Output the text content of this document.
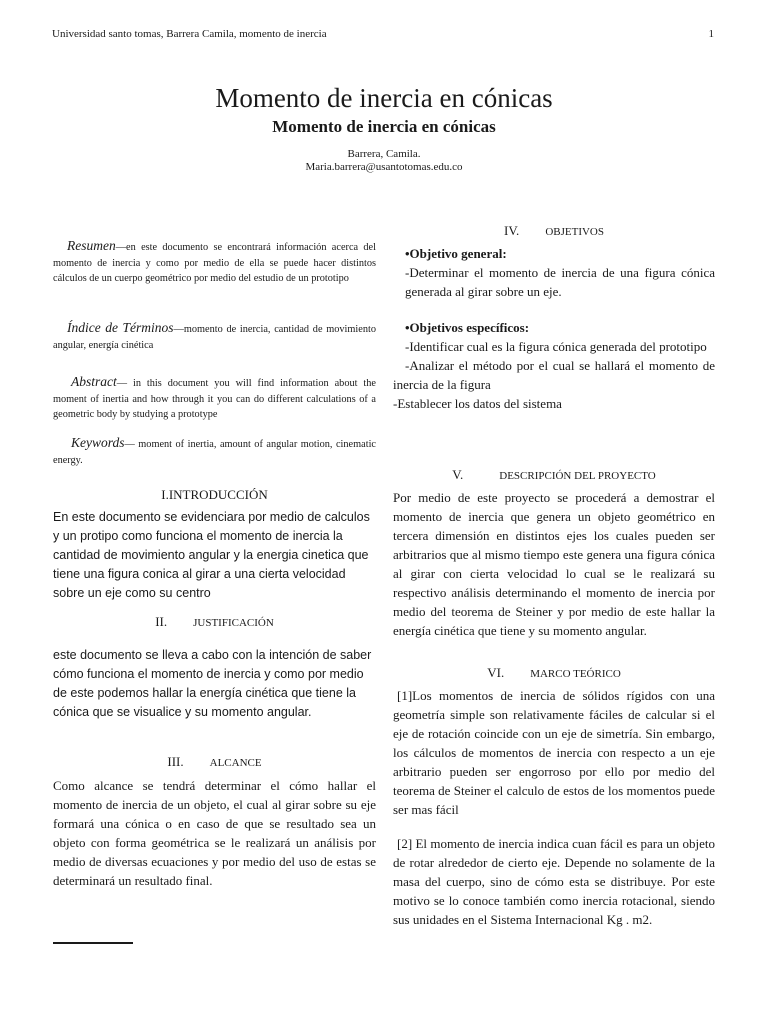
Universidad santo tomas, Barrera Camila, momento de inercia	1
Momento de inercia en cónicas
Momento de inercia en cónicas
Barrera, Camila.
Maria.barrera@usantotomas.edu.co
Resumen—en este documento se encontrará información acerca del momento de inercia y como por medio de ella se puede hacer distintos cálculos de un cuerpo geométrico por medio del estudio de un prototipo
Índice de Términos—momento de inercia, cantidad de movimiento angular, energía cinética
Abstract— in this document you will find information about the moment of inertia and how through it you can do different calculations of a geometric body by studying a prototype
Keywords— moment of inertia, amount of angular motion, cinematic energy.
I.INTRODUCCIÓN
En este documento se evidenciara por medio de calculos y un protipo como funciona el momento de inercia la cantidad de movimiento angular y la energia cinetica que tiene una figura conica al girar a una cierta velocidad sobre un eje como su centro
II. JUSTIFICACIÓN
este documento se lleva a cabo con la intención de saber cómo funciona el momento de inercia y como por medio de este podemos hallar la energía cinética que tiene la cónica que se visualice y su momento angular.
III. ALCANCE
Como alcance se tendrá determinar el cómo hallar el momento de inercia de un objeto, el cual al girar sobre su eje formará una cónica o en caso de que se resultado sea un objeto con forma geométrica se le realizará un análisis por medio de diversas ecuaciones y por medio del uso de estas se determinará un resultado final.
IV. OBJETIVOS

•Objetivo general:

-Determinar el momento de inercia de una figura cónica generada al girar sobre un eje.

•Objetivos específicos:

-Identificar cual es la figura cónica generada del prototipo

-Analizar el método por el cual se hallará el momento de inercia de la figura

-Establecer los datos del sistema

V.	DESCRIPCIÓN DEL PROYECTO
Por medio de este proyecto se procederá a demostrar el momento de inercia que genera un objeto geométrico en tercera dimensión en distintos ejes los cuales pueden ser arbitrarios que al mismo tiempo este genera una figura cónica al girar con cierta velocidad lo cual se le realizará su respectivo análisis determinando el momento de inercia por medio del teorema de Steiner y por medio de este hallar la energía cinética que tiene y su momento angular.
VI. MARCO TEÓRICO
[1]Los momentos de inercia de sólidos rígidos con una geometría simple son relativamente fáciles de calcular si el eje de rotación coincide con un eje de simetría. Sin embargo, los cálculos de momentos de inercia con respecto a un eje arbitrario pueden ser engorroso por ello por medio del teorema de Steiner el calculo de estos de los momentos puede ser mas fácil
[2] El momento de inercia indica cuan fácil es para un objeto de rotar alrededor de cierto eje. Depende no solamente de la masa del cuerpo, sino de cómo esta se distribuye. Por este motivo se lo conoce también como inercia rotacional, siendo sus unidades en el Sistema Internacional Kg . m2.
